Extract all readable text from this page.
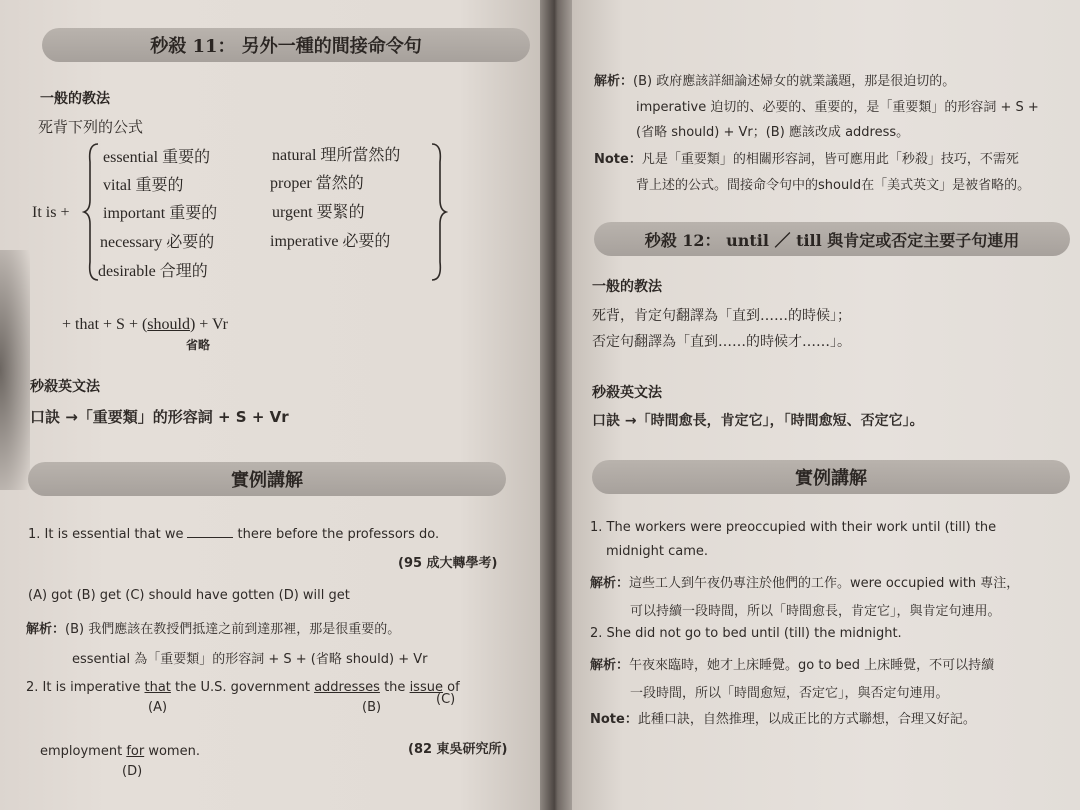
秒殺 11： 另外一種的間接命令句
一般的教法
死背下列的公式
It is +
essential 重要的
vital 重要的
important 重要的
necessary 必要的
desirable 合理的
natural 理所當然的
proper 當然的
urgent 要緊的
imperative 必要的
+ that + S + (should) + Vr
省略
秒殺英文法
口訣 →「重要類」的形容詞 + S + Vr
實例講解
1. It is essential that we	there before the professors do.
(95 成大轉學考)
(A) got (B) get (C) should have gotten (D) will get
解析：(B) 我們應該在教授們抵達之前到達那裡，那是很重要的。
essential 為「重要類」的形容詞 + S + (省略 should) + Vr
2. It is imperative that the U.S. government addresses the issue of
(A)	(B)
(C)
(82 東吳研究所)
employment for women.
(D)
解析：(B) 政府應該詳細論述婦女的就業議題，那是很迫切的。
imperative 迫切的、必要的、重要的，是「重要類」的形容詞 + S +
(省略 should) + Vr；(B) 應該改成 address。
Note：凡是「重要類」的相關形容詞，皆可應用此「秒殺」技巧，不需死
背上述的公式。間接命令句中的should在「美式英文」是被省略的。
秒殺 12： until ／ till 與肯定或否定主要子句連用
一般的教法
死背，肯定句翻譯為「直到……的時候」；
否定句翻譯為「直到……的時候才……」。
秒殺英文法
口訣 →「時間愈長，肯定它」，「時間愈短、否定它」。
實例講解
1. The workers were preoccupied with their work until (till) the
midnight came.
解析：這些工人到午夜仍專注於他們的工作。were occupied with 專注，
可以持續一段時間，所以「時間愈長，肯定它」，與肯定句連用。
2. She did not go to bed until (till) the midnight.
解析：午夜來臨時，她才上床睡覺。go to bed 上床睡覺，不可以持續
一段時間，所以「時間愈短，否定它」，與否定句連用。
Note：此種口訣，自然推理，以成正比的方式聯想，合理又好記。
